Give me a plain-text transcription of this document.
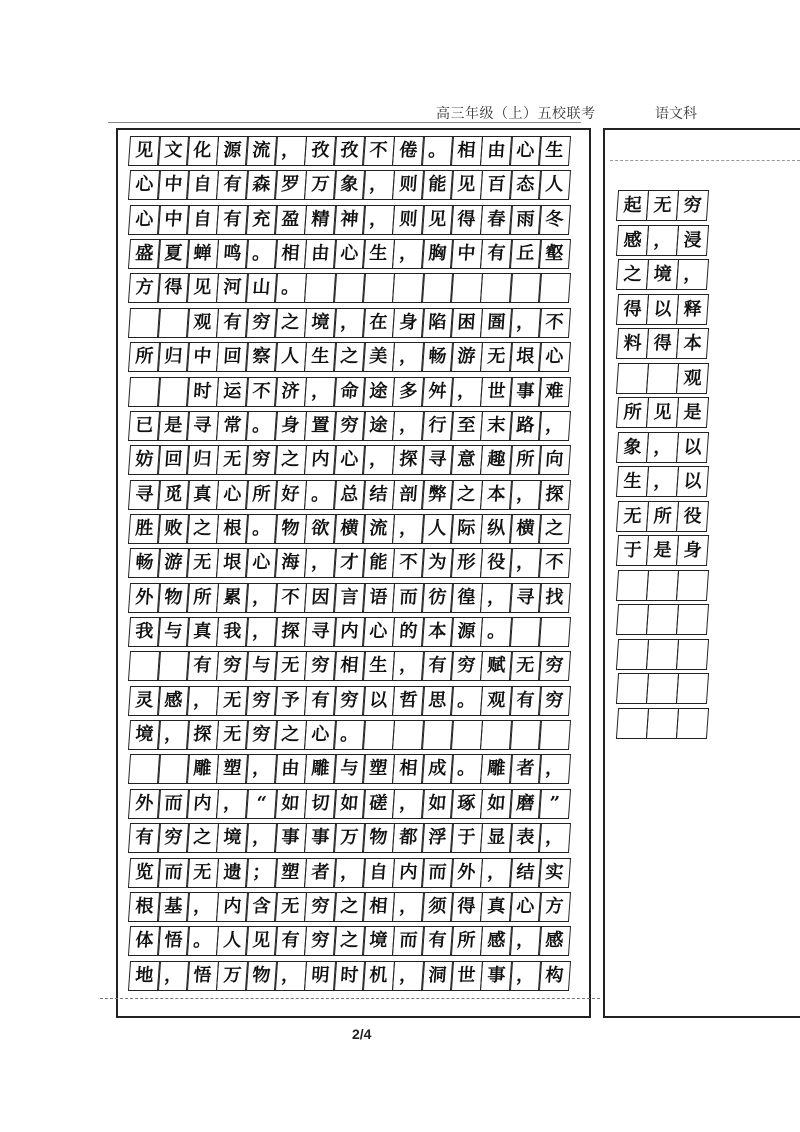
高三年级（上）五校联考	语文科
见 文 化 源 流 ， 孜 孜 不 倦 。 相 由 心 生
心 中 自 有 森 罗 万 象 ， 则 能 见 百 态 人
心 中 自 有 充 盈 精 神 ， 则 见 得 春 雨 冬
盛 夏 蝉 鸣 。 相 由 心 生 ， 胸 中 有 丘 壑
方 得 见 河 山 。
观 有 穷 之 境 ， 在 身 陷 困 圄 ， 不
所 归 中 回 察 人 生 之 美 ， 畅 游 无 垠 心
时 运 不 济 ， 命 途 多 舛 ， 世 事 难
已 是 寻 常 。 身 置 穷 途 ， 行 至 末 路 ，
妨 回 归 无 穷 之 内 心 ， 探 寻 意 趣 所 向
寻 觅 真 心 所 好 。 总 结 剖 弊 之 本 ， 探
胜 败 之 根 。 物 欲 横 流 ， 人 际 纵 横 之
畅 游 无 垠 心 海 ， 才 能 不 为 形 役 ， 不
外 物 所 累 ， 不 因 言 语 而 彷 徨 ， 寻 找
我 与 真 我 ， 探 寻 内 心 的 本 源 。
有 穷 与 无 穷 相 生 ， 有 穷 赋 无 穷
灵 感 ， 无 穷 予 有 穷 以 哲 思 。 观 有 穷
境 ， 探 无 穷 之 心 。
雕 塑 ， 由 雕 与 塑 相 成 。 雕 者 ，
外 而 内 ， “ 如 切 如 磋 ， 如 琢 如 磨 ”
有 穷 之 境 ， 事 事 万 物 都 浮 于 显 表 ，
览 而 无 遗 ； 塑 者 ， 自 内 而 外 ， 结 实
根 基 ， 内 含 无 穷 之 相 ， 须 得 真 心 方
体 悟 。 人 见 有 穷 之 境 而 有 所 感 ， 感
地 ， 悟 万 物 ， 明 时 机 ， 洞 世 事 ， 构
起 无 穷
感 ， 浸
之 境 ，
得 以 释
料 得 本
观
所 见 是
象 ， 以
生 ， 以
无 所 役
于 是 身
2/4
